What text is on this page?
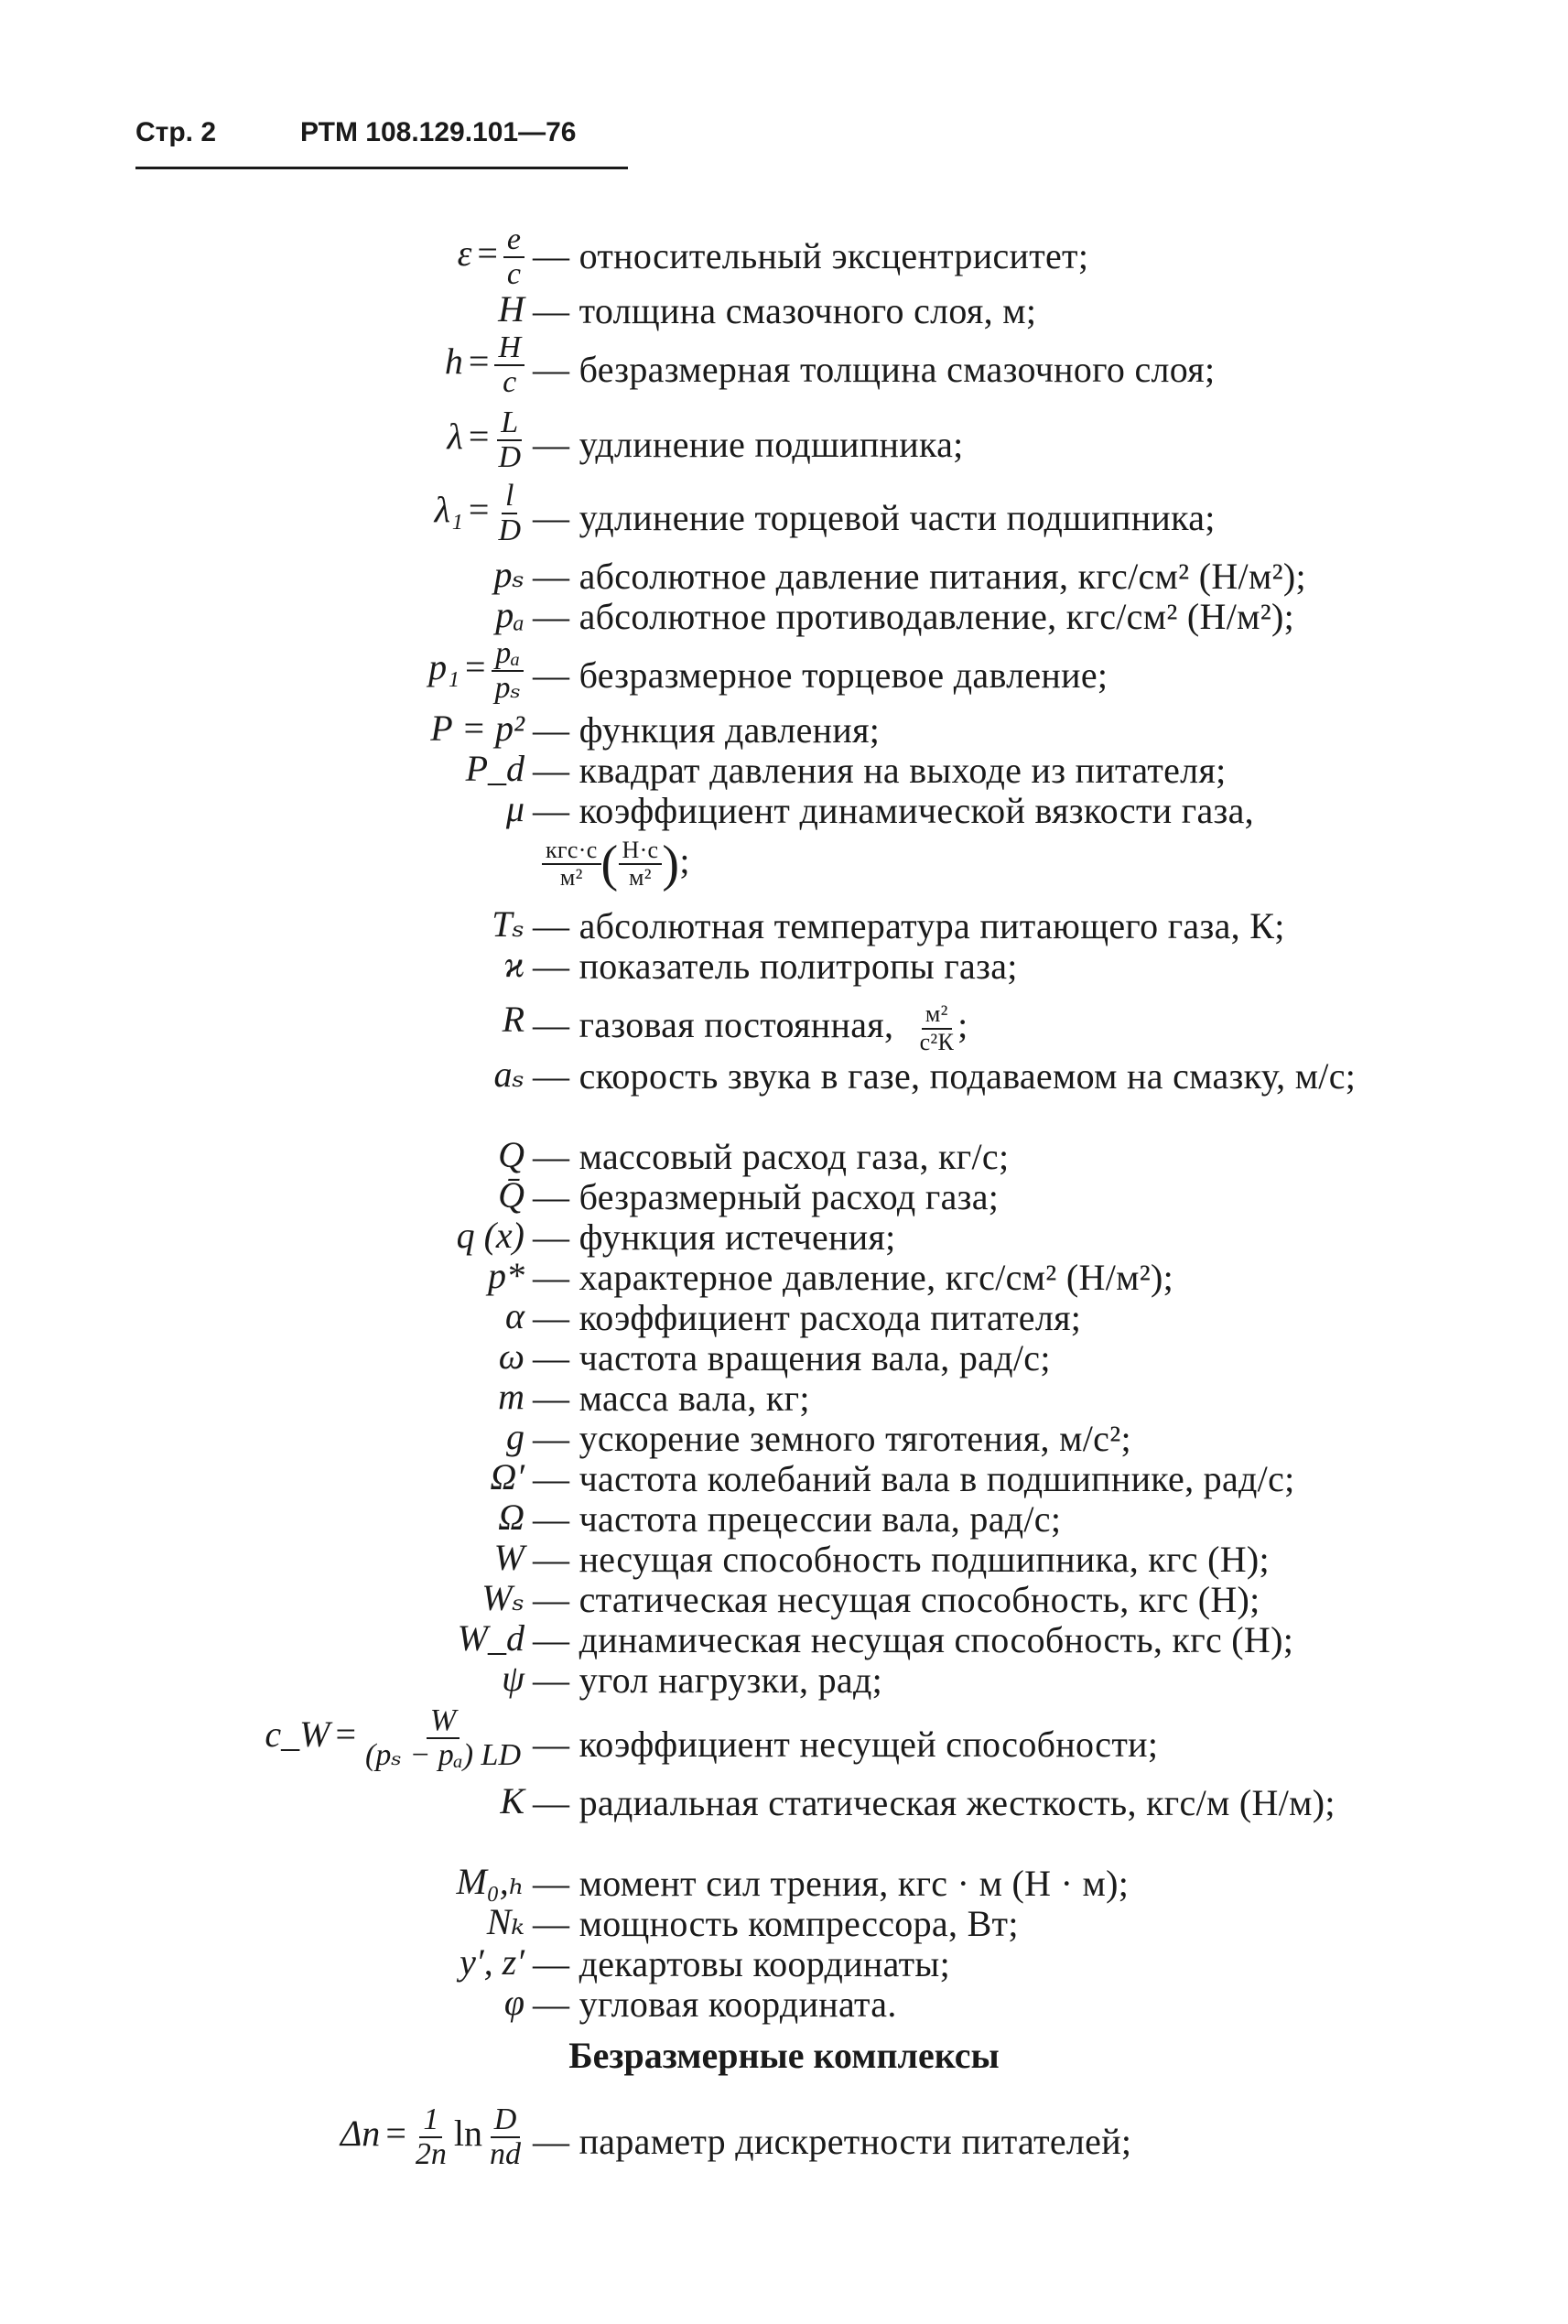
Стр. 2	РТМ 108.129.101—76
$\varepsilon = \frac{e}{c}$ — относительный эксцентриситет;
H — толщина смазочного слоя, м;
$h = \frac{H}{c}$ — безразмерная толщина смазочного слоя;
$\lambda = \frac{L}{D}$ — удлинение подшипника;
$\lambda_1 = \frac{l}{D}$ — удлинение торцевой части подшипника;
pₛ — абсолютное давление питания, кгс/см² (Н/м²);
pₐ — абсолютное противодавление, кгс/см² (Н/м²);
$p_1 = \frac{\text{pₐ}}{\text{pₛ}}$ — безразмерное торцевое давление;
P = p² — функция давления;
P_d — квадрат давления на выходе из питателя;
μ — коэффициент динамической вязкости газа,
$\frac{\text{кгс·с}}{\text{м²}}$ ( $\frac{Н\cdot с}{\text{м²}}$ );
Tₛ — абсолютная температура питающего газа, К;
ϰ — показатель политропы газа;
R — газовая постоянная, $\frac{\text{м²}}{\text{с²К}}$ ;
aₛ — скорость звука в газе, подаваемом на смазку, м/с;
Q — массовый расход газа, кг/с;
Q̄ — безразмерный расход газа;
q (x) — функция истечения;
p* — характерное давление, кгс/см² (Н/м²);
α — коэффициент расхода питателя;
ω — частота вращения вала, рад/с;
m — масса вала, кг;
g — ускорение земного тяготения, м/с²;
Ω′ — частота колебаний вала в подшипнике, рад/с;
Ω — частота прецессии вала, рад/с;
W — несущая способность подшипника, кгс (Н);
Wₛ — статическая несущая способность, кгс (Н);
W_d — динамическая несущая способность, кгс (Н);
ψ — угол нагрузки, рад;
c_W = $\frac{W}{\text{(pₛ − pₐ) LD}}$ — коэффициент несущей способности;
K — радиальная статическая жесткость, кгс/м (Н/м);
M₀,ₕ — момент сил трения, кгс · м (Н · м);
Nₖ — мощность компрессора, Вт;
y′, z′ — декартовы координаты;
φ — угловая координата.
Безразмерные комплексы
$\Delta п = \frac{1}{2n}$ $\ln \frac{D}{nd}$ — параметр дискретности питателей;
